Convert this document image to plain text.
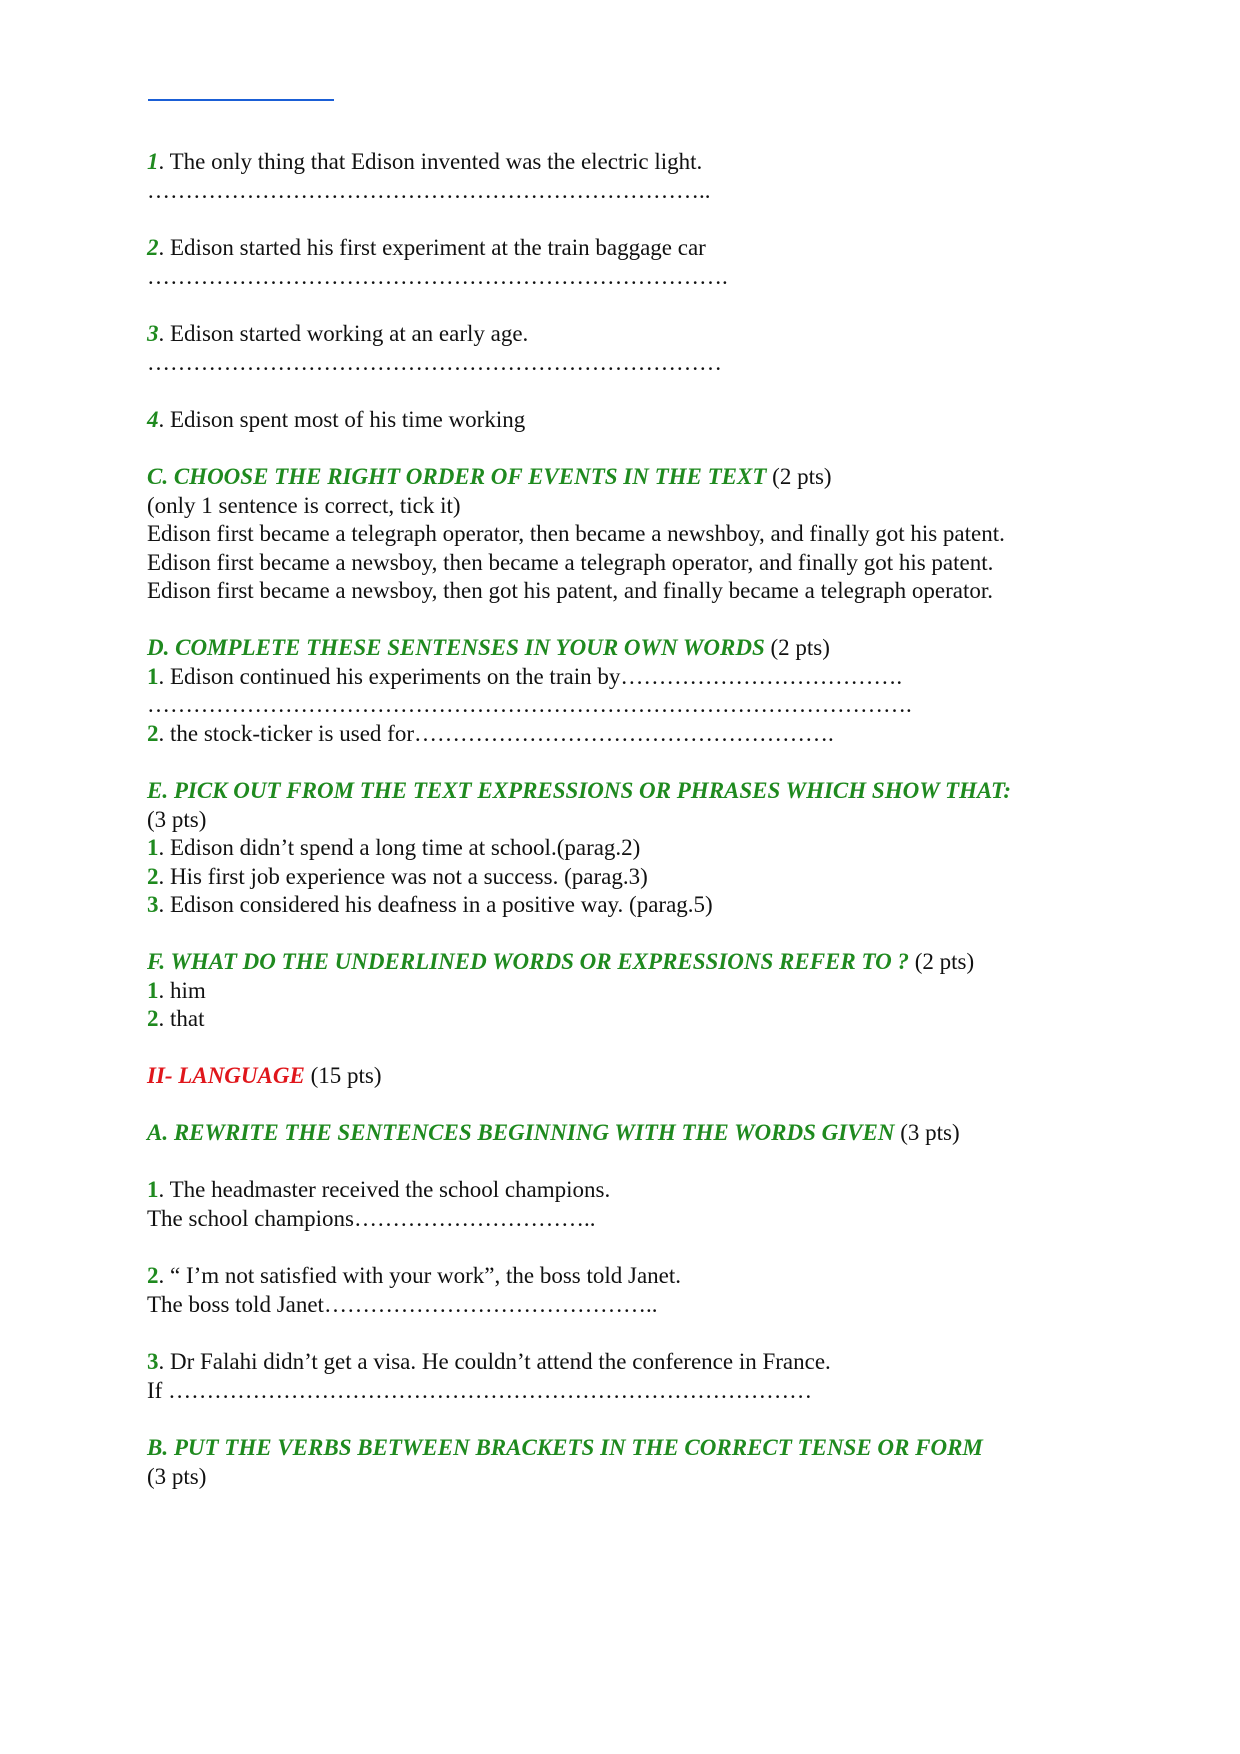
1. The only thing that Edison invented was the electric light.
………………………………………………………………..
2. Edison started his first experiment at the train baggage car
………………………………………………………………….
3. Edison started working at an early age.
…………………………………………………………………
4. Edison spent most of his time working
C. CHOOSE THE RIGHT ORDER OF EVENTS IN THE TEXT (2 pts)
(only 1 sentence is correct, tick it)
Edison first became a telegraph operator, then became a newshboy, and finally got his patent.
Edison first became a newsboy, then became a telegraph operator, and finally got his patent.
Edison first became a newsboy, then got his patent, and finally became a telegraph operator.
D. COMPLETE THESE SENTENSES IN YOUR OWN WORDS (2 pts)
1. Edison continued his experiments on the train by……………………………….
……………………………………………………………………………………….
2. the stock-ticker is used for……………………………………………….
E. PICK OUT FROM THE TEXT EXPRESSIONS OR PHRASES WHICH SHOW THAT:
(3 pts)
1. Edison didn’t spend a long time at school.(parag.2)
2. His first job experience was not a success. (parag.3)
3. Edison considered his deafness in a positive way. (parag.5)
F. WHAT DO THE UNDERLINED WORDS OR EXPRESSIONS REFER TO ? (2 pts)
1. him
2. that
II- LANGUAGE (15 pts)
A. REWRITE THE SENTENCES BEGINNING WITH THE WORDS GIVEN (3 pts)
1. The headmaster received the school champions.
The school champions…………………………..
2. “ I’m not satisfied with your work”, the boss told Janet.
The boss told Janet……………………………………..
3. Dr Falahi didn’t get a visa. He couldn’t attend the conference in France.
If …………………………………………………………………………
B. PUT THE VERBS BETWEEN BRACKETS IN THE CORRECT TENSE OR FORM
(3 pts)
